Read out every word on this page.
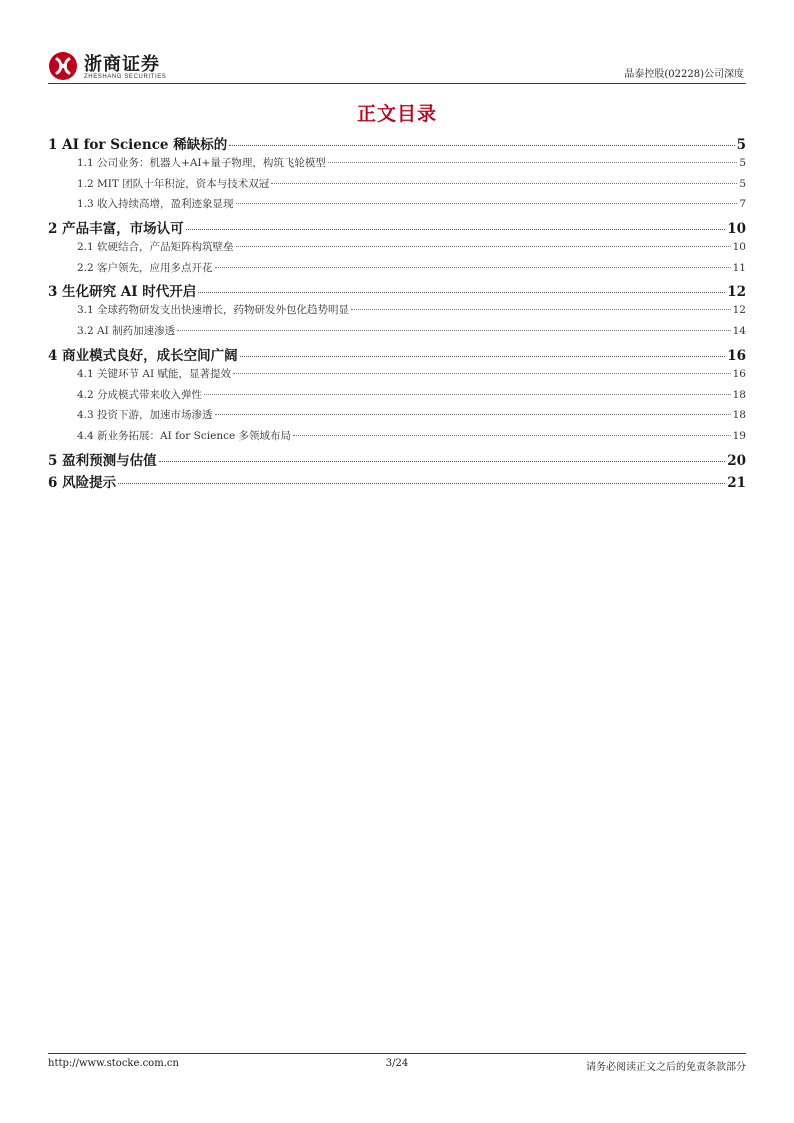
浙商证券
ZHESHANG SECURITIES	晶泰控股(02228)公司深度
正文目录
1 AI for Science 稀缺标的	5
1.1 公司业务：机器人+AI+量子物理，构筑飞轮模型	5
1.2 MIT 团队十年积淀，资本与技术双冠	5
1.3 收入持续高增，盈利迹象显现	7
2 产品丰富，市场认可	10
2.1 软硬结合，产品矩阵构筑壁垒	10
2.2 客户领先，应用多点开花	11
3 生化研究 AI 时代开启	12
3.1 全球药物研发支出快速增长，药物研发外包化趋势明显	12
3.2 AI 制药加速渗透	14
4 商业模式良好，成长空间广阔	16
4.1 关键环节 AI 赋能，显著提效	16
4.2 分成模式带来收入弹性	18
4.3 投资下游，加速市场渗透	18
4.4 新业务拓展：AI for Science 多领域布局	19
5 盈利预测与估值	20
6 风险提示	21
http://www.stocke.com.cn	3/24	请务必阅读正文之后的免责条款部分
